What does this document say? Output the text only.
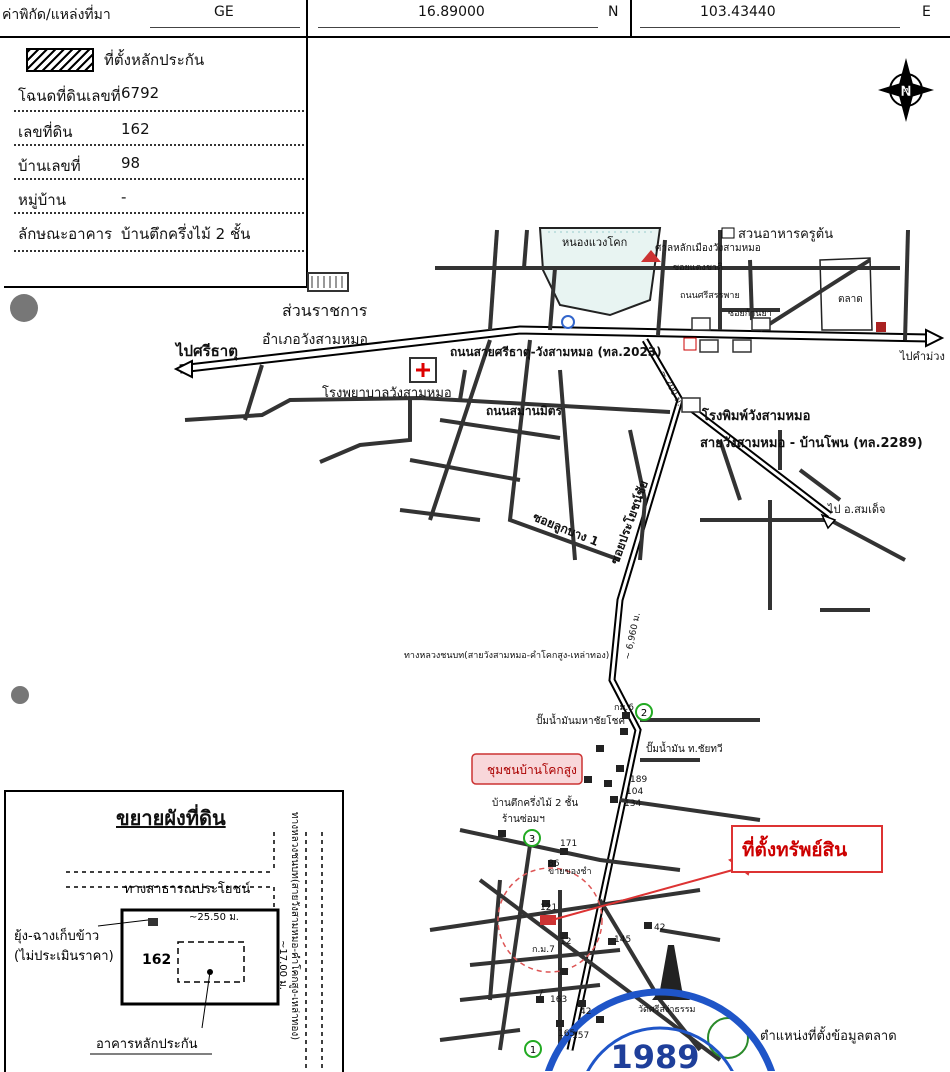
ค่าพิกัด/แหล่งที่มา	GE	16.89000	N	103.43440	E
ที่ตั้งหลักประกัน
โฉนดที่ดินเลขที่ 6792
เลขที่ดิน	162
บ้านเลขที่	98
หมู่บ้าน	-
ลักษณะอาคาร บ้านตึกครึ่งไม้ 2 ชั้น
N
2
3
1 1989
หนองแวงโคก	ศาลหลักเมืองวังสามหมอ
สวนอาหารครูต้น
ซอยแดงชาติ
ถนนศรีสรรพาย
ซอยก้านยา
ตลาด
ส่วนราชการ
อำเภอวังสามหมอ
ไปศรีธาตุ	ไปคำม่วง
ถนนสายศรีธาตุ-วังสามหมอ (ทล.2023)
โรงพยาบาลวังสามหมอ
โรงพิมพ์วังสามหมอ
ถนนสมานมิตร
~ 200 ม.
สายวังสามหมอ - บ้านโพน (ทล.2289)
ไป อ.สมเด็จ
ซอยลูกบาง 1 ซอยประโยชน์ชัย
~ 6,960 ม.
ทางหลวงชนบท(สายวังสามหมอ-คำโคกสูง-เหล่าทอง)
กม.6
ปั๊มน้ำมันมหาชัยโชค
ปั๊มน้ำมัน ท.ชัยทวี
ชุมชนบ้านโคกสูง
บ้านตึกครึ่งไม้ 2 ชั้น
ร้านซ่อมฯ
ขายของชำ
ที่ตั้งทรัพย์สิน
ก.ม.7
วัดศรีสง่าธรรม
ตำแหน่งที่ตั้งข้อมูลตลาด
189
104
134
171
86
121
12	145
42
7
163
42
165
157
ขยายผังที่ดิน
~25.50 ม.
~17.00 ม.
162
ทางสาธารณประโยชน์	ทางหลวงชนบท(สายวังสามหมอ-คำโคกสูง-เหล่าทอง)
ยุ้ง-ฉางเก็บข้าว
(ไม่ประเมินราคา)
อาคารหลักประกัน
